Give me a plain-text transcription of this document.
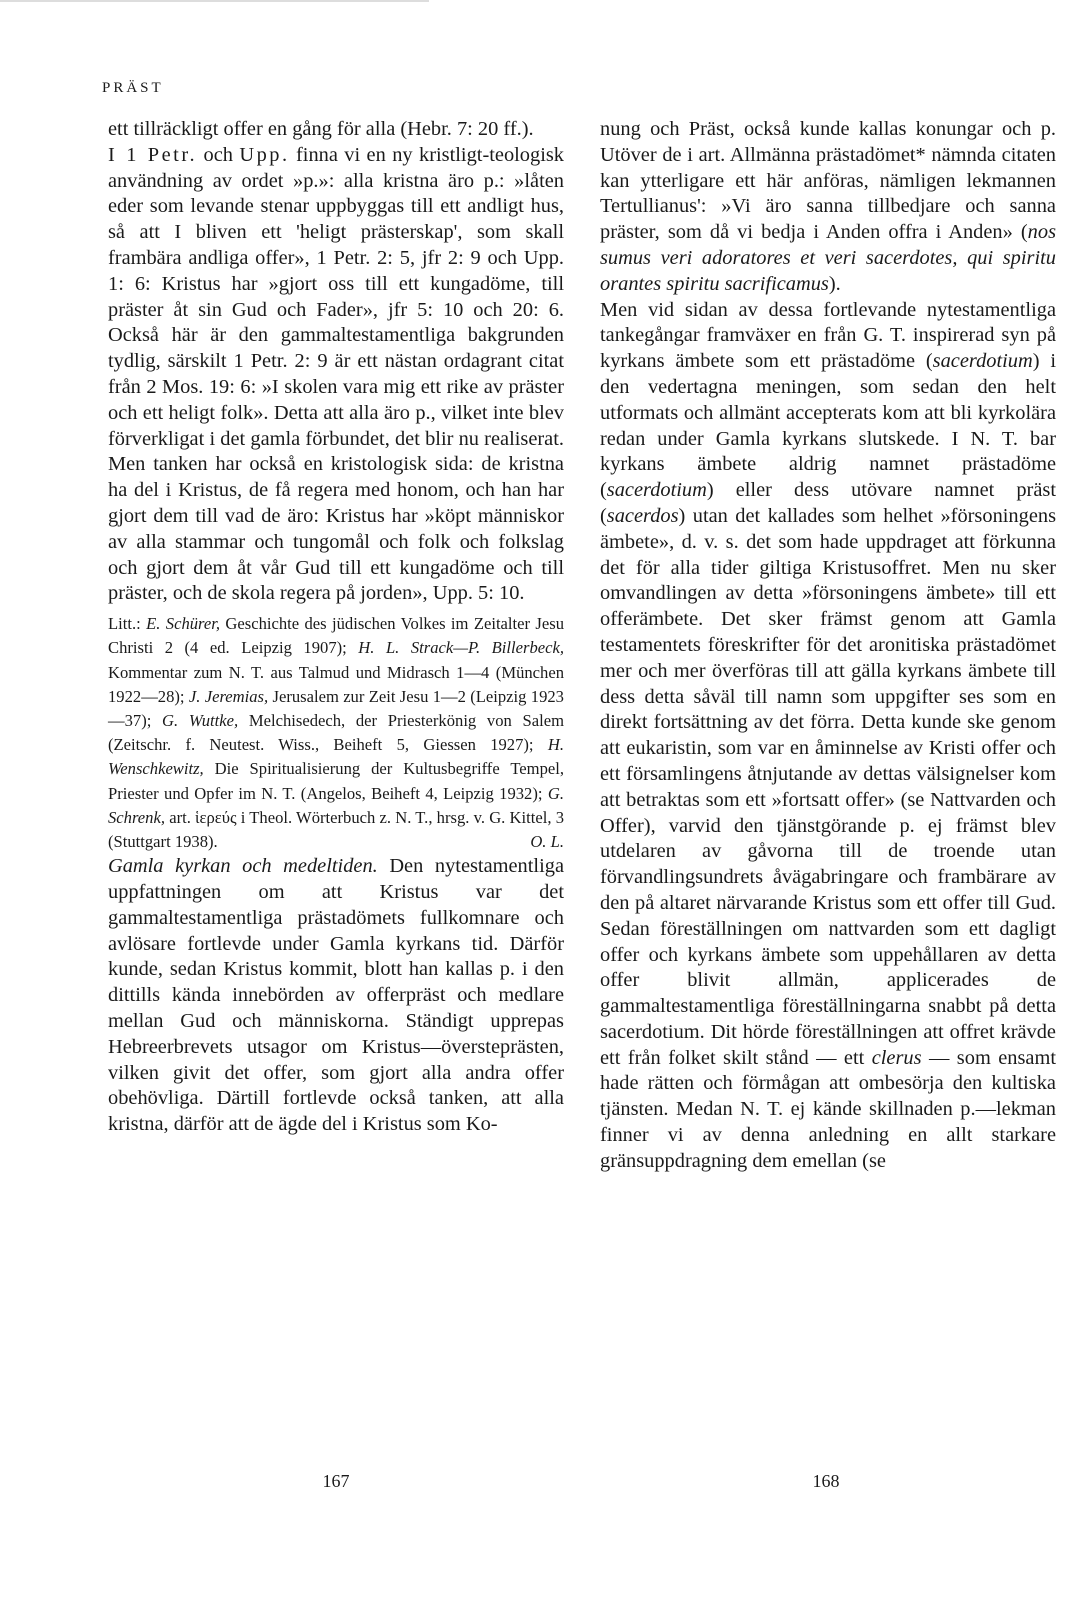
PRÄST

ett tillräckligt offer en gång för alla (Hebr. 7: 20 ff.).

I 1 Petr. och Upp. finna vi en ny kristligt-teologisk användning av ordet »p.»: alla kristna äro p.: »låten eder som levande stenar uppbyggas till ett andligt hus, så att I bliven ett 'heligt prästerskap', som skall frambära andliga offer», 1 Petr. 2: 5, jfr 2: 9 och Upp. 1: 6: Kristus har »gjort oss till ett kungadöme, till präster åt sin Gud och Fader», jfr 5: 10 och 20: 6. Också här är den gammaltestamentliga bakgrunden tydlig, särskilt 1 Petr. 2: 9 är ett nästan ordagrant citat från 2 Mos. 19: 6: »I skolen vara mig ett rike av präster och ett heligt folk». Detta att alla äro p., vilket inte blev förverkligat i det gamla förbundet, det blir nu realiserat. Men tanken har också en kristologisk sida: de kristna ha del i Kristus, de få regera med honom, och han har gjort dem till vad de äro: Kristus har »köpt människor av alla stammar och tungomål och folk och folkslag och gjort dem åt vår Gud till ett kungadöme och till präster, och de skola regera på jorden», Upp. 5: 10.

Litt.: E. Schürer, Geschichte des jüdischen Volkes im Zeitalter Jesu Christi 2 (4 ed. Leipzig 1907); H. L. Strack—P. Billerbeck, Kommentar zum N. T. aus Talmud und Midrasch 1—4 (München 1922—28); J. Jeremias, Jerusalem zur Zeit Jesu 1—2 (Leipzig 1923—37); G. Wuttke, Melchisedech, der Priesterkönig von Salem (Zeitschr. f. Neutest. Wiss., Beiheft 5, Giessen 1927); H. Wenschkewitz, Die Spiritualisierung der Kultusbegriffe Tempel, Priester und Opfer im N. T. (Angelos, Beiheft 4, Leipzig 1932); G. Schrenk, art. ἱερεύς i Theol. Wörterbuch z. N. T., hrsg. v. G. Kittel, 3 (Stuttgart 1938).	O. L.

Gamla kyrkan och medeltiden. Den nytestamentliga uppfattningen om att Kristus var det gammaltestamentliga prästadömets fullkomnare och avlösare fortlevde under Gamla kyrkans tid. Därför kunde, sedan Kristus kommit, blott han kallas p. i den dittills kända innebörden av offerpräst och medlare mellan Gud och människorna. Ständigt upprepas Hebreerbrevets utsagor om Kristus—översteprästen, vilken givit det offer, som gjort alla andra offer obehövliga. Därtill fortlevde också tanken, att alla kristna, därför att de ägde del i Kristus som Ko-

nung och Präst, också kunde kallas konungar och p. Utöver de i art. Allmänna prästadömet* nämnda citaten kan ytterligare ett här anföras, nämligen lekmannen Tertullianus': »Vi äro sanna tillbedjare och sanna präster, som då vi bedja i Anden offra i Anden» (nos sumus veri adoratores et veri sacerdotes, qui spiritu orantes spiritu sacrificamus).

Men vid sidan av dessa fortlevande nytestamentliga tankegångar framväxer en från G. T. inspirerad syn på kyrkans ämbete som ett prästadöme (sacerdotium) i den vedertagna meningen, som sedan den helt utformats och allmänt accepterats kom att bli kyrkolära redan under Gamla kyrkans slutskede. I N. T. bar kyrkans ämbete aldrig namnet prästadöme (sacerdotium) eller dess utövare namnet präst (sacerdos) utan det kallades som helhet »försoningens ämbete», d. v. s. det som hade uppdraget att förkunna det för alla tider giltiga Kristusoffret. Men nu sker omvandlingen av detta »försoningens ämbete» till ett offerämbete. Det sker främst genom att Gamla testamentets föreskrifter för det aronitiska prästadömet mer och mer överföras till att gälla kyrkans ämbete till dess detta såväl till namn som uppgifter ses som en direkt fortsättning av det förra. Detta kunde ske genom att eukaristin, som var en åminnelse av Kristi offer och ett församlingens åtnjutande av dettas välsignelser kom att betraktas som ett »fortsatt offer» (se Nattvarden och Offer), varvid den tjänstgörande p. ej främst blev utdelaren av gåvorna till de troende utan förvandlingsundrets åvägabringare och frambärare av den på altaret närvarande Kristus som ett offer till Gud. Sedan föreställningen om nattvarden som ett dagligt offer och kyrkans ämbete som uppehållaren av detta offer blivit allmän, applicerades de gammaltestamentliga föreställningarna snabbt på detta sacerdotium. Dit hörde föreställningen att offret krävde ett från folket skilt stånd — ett clerus — som ensamt hade rätten och förmågan att ombesörja den kultiska tjänsten. Medan N. T. ej kände skillnaden p.—lekman finner vi av denna anledning en allt starkare gränsuppdragning dem emellan (se

167	168
